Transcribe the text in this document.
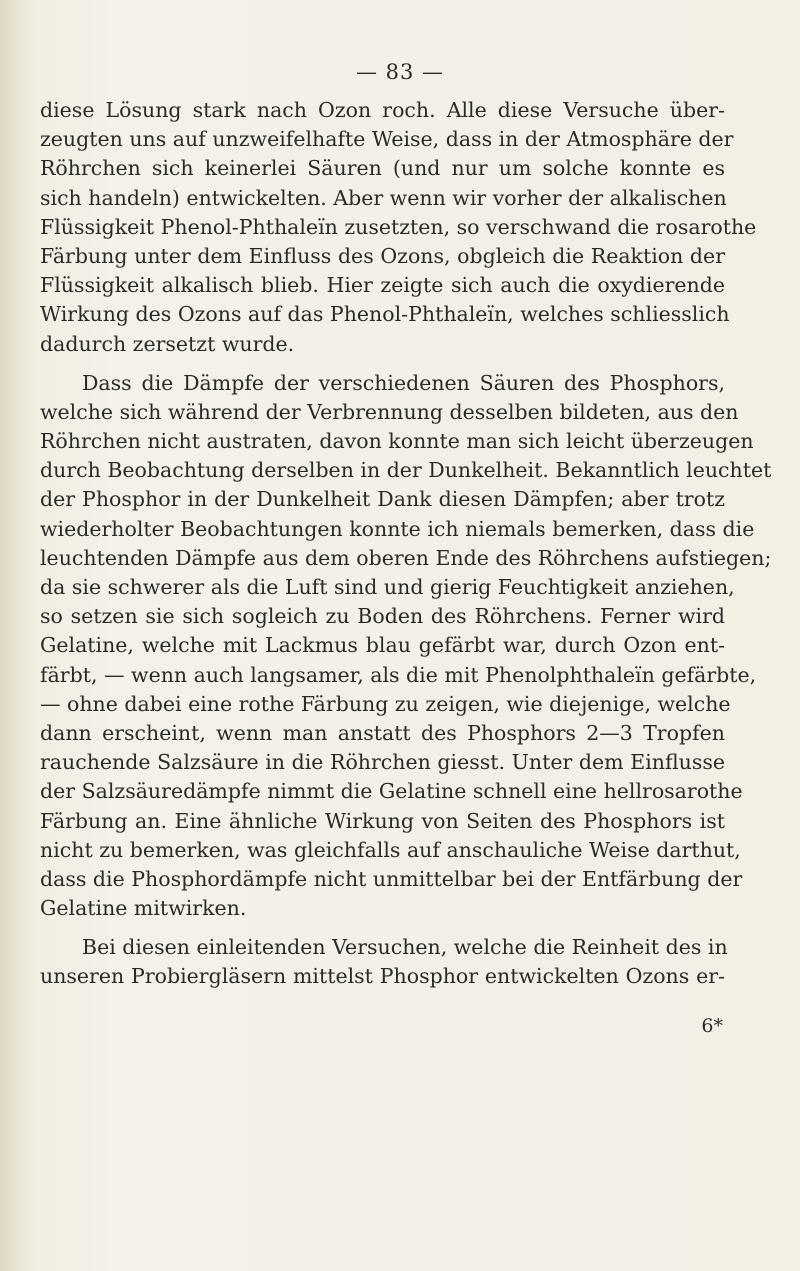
— 83 —
diese Lösung stark nach Ozon roch. Alle diese Versuche über-
zeugten uns auf unzweifelhafte Weise, dass in der Atmosphäre der
Röhrchen sich keinerlei Säuren (und nur um solche konnte es
sich handeln) entwickelten. Aber wenn wir vorher der alkalischen
Flüssigkeit Phenol-Phthaleïn zusetzten, so verschwand die rosarothe
Färbung unter dem Einfluss des Ozons, obgleich die Reaktion der
Flüssigkeit alkalisch blieb. Hier zeigte sich auch die oxydierende
Wirkung des Ozons auf das Phenol-Phthaleïn, welches schliesslich
dadurch zersetzt wurde.
Dass die Dämpfe der verschiedenen Säuren des Phosphors,
welche sich während der Verbrennung desselben bildeten, aus den
Röhrchen nicht austraten, davon konnte man sich leicht überzeugen
durch Beobachtung derselben in der Dunkelheit. Bekanntlich leuchtet
der Phosphor in der Dunkelheit Dank diesen Dämpfen; aber trotz
wiederholter Beobachtungen konnte ich niemals bemerken, dass die
leuchtenden Dämpfe aus dem oberen Ende des Röhrchens aufstiegen;
da sie schwerer als die Luft sind und gierig Feuchtigkeit anziehen,
so setzen sie sich sogleich zu Boden des Röhrchens. Ferner wird
Gelatine, welche mit Lackmus blau gefärbt war, durch Ozon ent-
färbt, — wenn auch langsamer, als die mit Phenolphthaleïn gefärbte,
— ohne dabei eine rothe Färbung zu zeigen, wie diejenige, welche
dann erscheint, wenn man anstatt des Phosphors 2—3 Tropfen
rauchende Salzsäure in die Röhrchen giesst. Unter dem Einflusse
der Salzsäuredämpfe nimmt die Gelatine schnell eine hellrosarothe
Färbung an. Eine ähnliche Wirkung von Seiten des Phosphors ist
nicht zu bemerken, was gleichfalls auf anschauliche Weise darthut,
dass die Phosphordämpfe nicht unmittelbar bei der Entfärbung der
Gelatine mitwirken.
Bei diesen einleitenden Versuchen, welche die Reinheit des in
unseren Probiergläsern mittelst Phosphor entwickelten Ozons er-
6*
